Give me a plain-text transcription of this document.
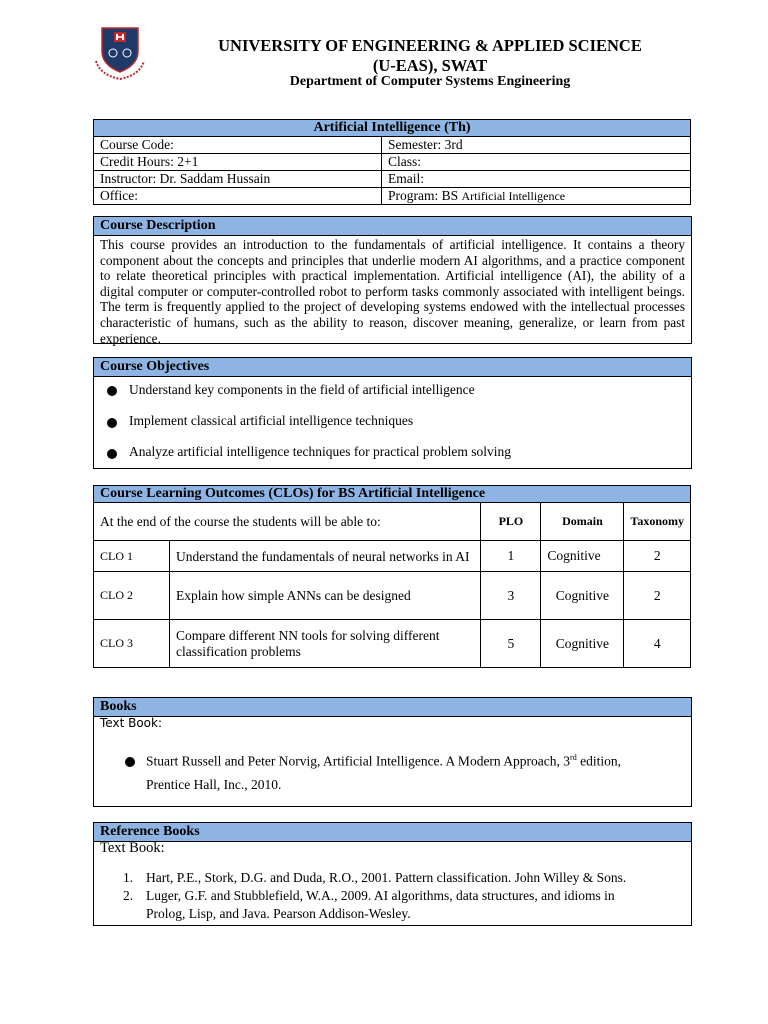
UNIVERSITY OF ENGINEERING & APPLIED SCIENCE
(U-EAS), SWAT
Department of Computer Systems Engineering
Artificial Intelligence (Th)	
Course Code:	Semester: 3rd
Credit Hours: 2+1	Class:
Instructor: Dr. Saddam Hussain	Email:
Office:	Program: BS Artificial Intelligence
Course Description
This course provides an introduction to the fundamentals of artificial intelligence. It contains a theory component about the concepts and principles that underlie modern AI algorithms, and a practice component to relate theoretical principles with practical implementation. Artificial intelligence (AI), the ability of a digital computer or computer-controlled robot to perform tasks commonly associated with intelligent beings. The term is frequently applied to the project of developing systems endowed with the intellectual processes characteristic of humans, such as the ability to reason, discover meaning, generalize, or learn from past experience.
Course Objectives
Understand key components in the field of artificial intelligence
Implement classical artificial intelligence techniques
Analyze artificial intelligence techniques for practical problem solving
Course Learning Outcomes (CLOs) for BS Artificial Intelligence				
At the end of the course the students will be able to:		PLO	Domain	Taxonomy
CLO 1	Understand the fundamentals of neural networks in AI	1	Cognitive	2
CLO 2	Explain how simple ANNs can be designed	3	Cognitive	2
CLO 3	Compare different NN tools for solving different classification problems	5	Cognitive	4
Books
Text Book:
Stuart Russell and Peter Norvig, Artificial Intelligence. A Modern Approach, 3rd edition,
Prentice Hall, Inc., 2010.
Reference Books
Text Book:
1. Hart, P.E., Stork, D.G. and Duda, R.O., 2001. Pattern classification. John Willey & Sons.
2. Luger, G.F. and Stubblefield, W.A., 2009. AI algorithms, data structures, and idioms in
Prolog, Lisp, and Java. Pearson Addison-Wesley.
